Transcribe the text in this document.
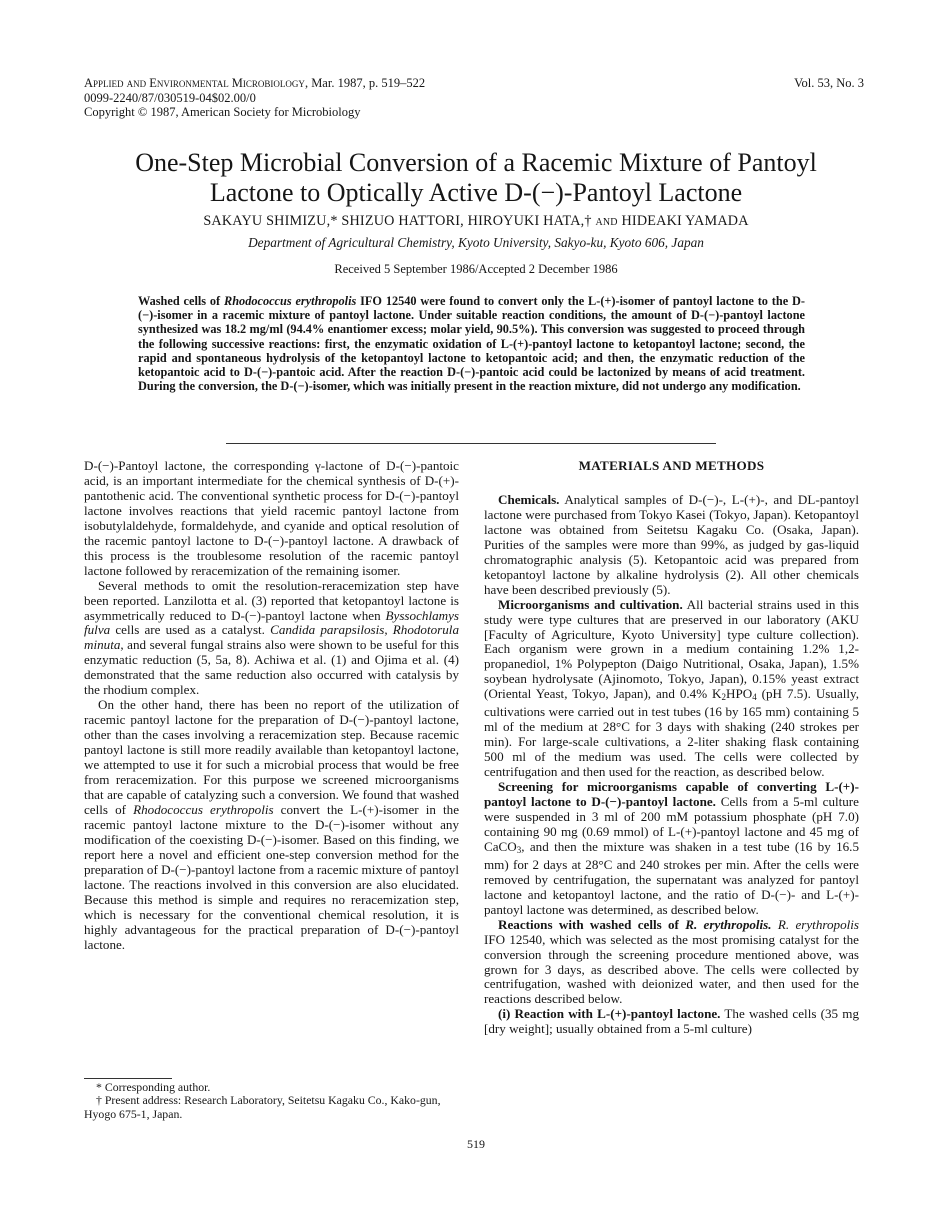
Applied and Environmental Microbiology, Mar. 1987, p. 519–522
0099-2240/87/030519-04$02.00/0
Copyright © 1987, American Society for Microbiology
Vol. 53, No. 3
One-Step Microbial Conversion of a Racemic Mixture of Pantoyl
Lactone to Optically Active D-(−)-Pantoyl Lactone
SAKAYU SHIMIZU,* SHIZUO HATTORI, HIROYUKI HATA,† and HIDEAKI YAMADA
Department of Agricultural Chemistry, Kyoto University, Sakyo-ku, Kyoto 606, Japan
Received 5 September 1986/Accepted 2 December 1986

Washed cells of Rhodococcus erythropolis IFO 12540 were found to convert only the L-(+)-isomer of pantoyl lactone to the D-(−)-isomer in a racemic mixture of pantoyl lactone. Under suitable reaction conditions, the amount of D-(−)-pantoyl lactone synthesized was 18.2 mg/ml (94.4% enantiomer excess; molar yield, 90.5%). This conversion was suggested to proceed through the following successive reactions: first, the enzymatic oxidation of L-(+)-pantoyl lactone to ketopantoyl lactone; second, the rapid and spontaneous hydrolysis of the ketopantoyl lactone to ketopantoic acid; and then, the enzymatic reduction of the ketopantoic acid to D-(−)-pantoic acid. After the reaction D-(−)-pantoic acid could be lactonized by means of acid treatment. During the conversion, the D-(−)-isomer, which was initially present in the reaction mixture, did not undergo any modification.

D-(−)-Pantoyl lactone, the corresponding γ-lactone of D-(−)-pantoic acid, is an important intermediate for the chemical synthesis of D-(+)-pantothenic acid. The conventional synthetic process for D-(−)-pantoyl lactone involves reactions that yield racemic pantoyl lactone from isobutylaldehyde, formaldehyde, and cyanide and optical resolution of the racemic pantoyl lactone to D-(−)-pantoyl lactone. A drawback of this process is the troublesome resolution of the racemic pantoyl lactone followed by reracemization of the remaining isomer.

Several methods to omit the resolution-reracemization step have been reported. Lanzilotta et al. (3) reported that ketopantoyl lactone is asymmetrically reduced to D-(−)-pantoyl lactone when Byssochlamys fulva cells are used as a catalyst. Candida parapsilosis, Rhodotorula minuta, and several fungal strains also were shown to be useful for this enzymatic reduction (5, 5a, 8). Achiwa et al. (1) and Ojima et al. (4) demonstrated that the same reduction also occurred with catalysis by the rhodium complex.

On the other hand, there has been no report of the utilization of racemic pantoyl lactone for the preparation of D-(−)-pantoyl lactone, other than the cases involving a reracemization step. Because racemic pantoyl lactone is still more readily available than ketopantoyl lactone, we attempted to use it for such a microbial process that would be free from reracemization. For this purpose we screened microorganisms that are capable of catalyzing such a conversion. We found that washed cells of Rhodococcus erythropolis convert the L-(+)-isomer in the racemic pantoyl lactone mixture to the D-(−)-isomer without any modification of the coexisting D-(−)-isomer. Based on this finding, we report here a novel and efficient one-step conversion method for the preparation of D-(−)-pantoyl lactone from a racemic mixture of pantoyl lactone. The reactions involved in this conversion are also elucidated. Because this method is simple and requires no reracemization step, which is necessary for the conventional chemical resolution, it is highly advantageous for the practical preparation of D-(−)-pantoyl lactone.

* Corresponding author.

† Present address: Research Laboratory, Seitetsu Kagaku Co., Kako-gun, Hyogo 675-1, Japan.

MATERIALS AND METHODS

Chemicals. Analytical samples of D-(−)-, L-(+)-, and DL-pantoyl lactone were purchased from Tokyo Kasei (Tokyo, Japan). Ketopantoyl lactone was obtained from Seitetsu Kagaku Co. (Osaka, Japan). Purities of the samples were more than 99%, as judged by gas-liquid chromatographic analysis (5). Ketopantoic acid was prepared from ketopantoyl lactone by alkaline hydrolysis (2). All other chemicals have been described previously (5).

Microorganisms and cultivation. All bacterial strains used in this study were type cultures that are preserved in our laboratory (AKU [Faculty of Agriculture, Kyoto University] type culture collection). Each organism were grown in a medium containing 1.2% 1,2-propanediol, 1% Polypepton (Daigo Nutritional, Osaka, Japan), 1.5% soybean hydrolysate (Ajinomoto, Tokyo, Japan), 0.15% yeast extract (Oriental Yeast, Tokyo, Japan), and 0.4% $K_2HPO_4$ (pH 7.5). Usually, cultivations were carried out in test tubes (16 by 165 mm) containing 5 ml of the medium at 28°C for 3 days with shaking (240 strokes per min). For large-scale cultivations, a 2-liter shaking flask containing 500 ml of the medium was used. The cells were collected by centrifugation and then used for the reaction, as described below.

Screening for microorganisms capable of converting L-(+)-pantoyl lactone to D-(−)-pantoyl lactone. Cells from a 5-ml culture were suspended in 3 ml of 200 mM potassium phosphate (pH 7.0) containing 90 mg (0.69 mmol) of L-(+)-pantoyl lactone and 45 mg of CaCO$_3$, and then the mixture was shaken in a test tube (16 by 16.5 mm) for 2 days at 28°C and 240 strokes per min. After the cells were removed by centrifugation, the supernatant was analyzed for pantoyl lactone and ketopantoyl lactone, and the ratio of D-(−)- and L-(+)-pantoyl lactone was determined, as described below.

Reactions with washed cells of R. erythropolis. R. erythropolis IFO 12540, which was selected as the most promising catalyst for the conversion through the screening procedure mentioned above, was grown for 3 days, as described above. The cells were collected by centrifugation, washed with deionized water, and then used for the reactions described below.

(i) Reaction with L-(+)-pantoyl lactone. The washed cells (35 mg [dry weight]; usually obtained from a 5-ml culture)

519
